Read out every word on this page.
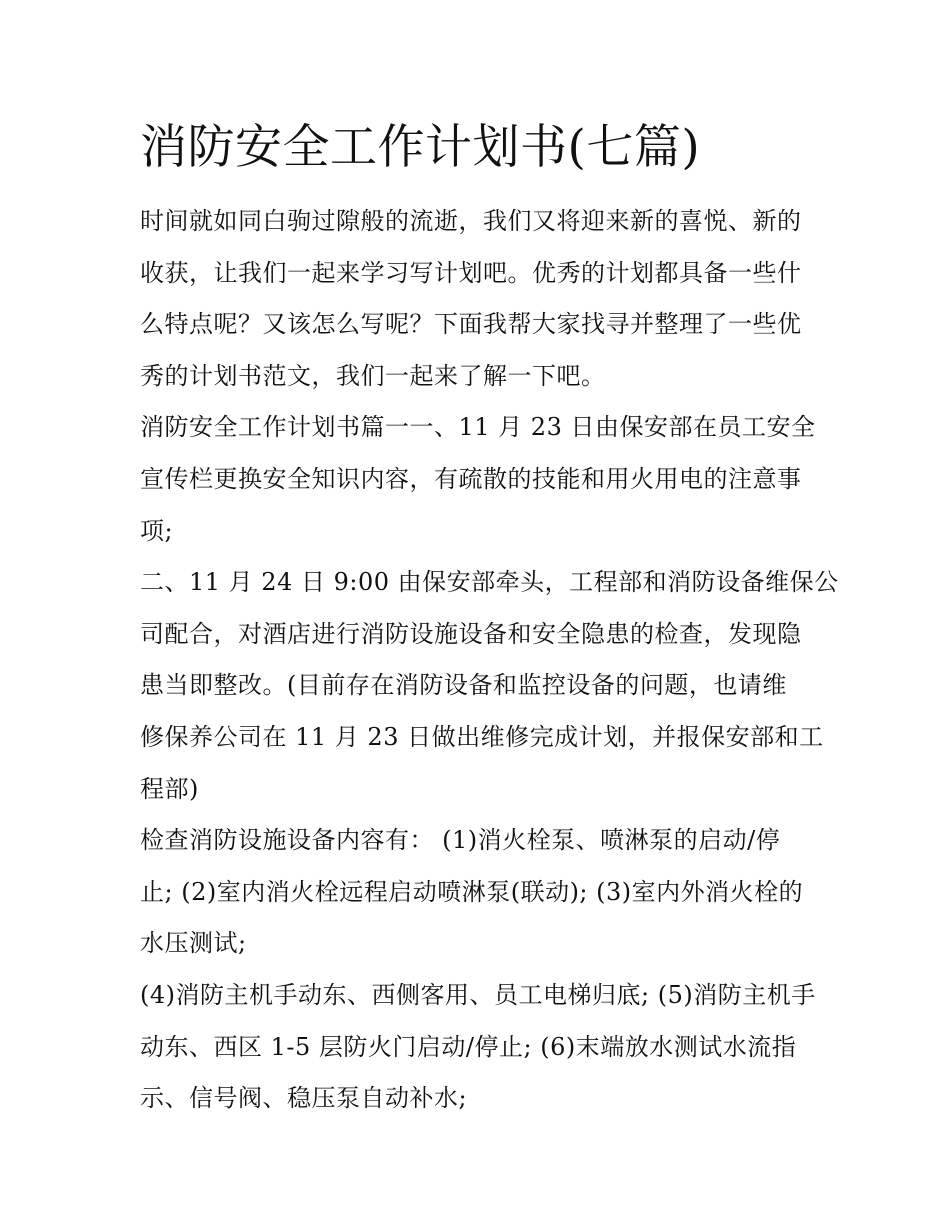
消防安全工作计划书(七篇)

时间就如同白驹过隙般的流逝，我们又将迎来新的喜悦、新的
收获，让我们一起来学习写计划吧。优秀的计划都具备一些什
么特点呢？又该怎么写呢？下面我帮大家找寻并整理了一些优
秀的计划书范文，我们一起来了解一下吧。

消防安全工作计划书篇一一、11 月 23 日由保安部在员工安全
宣传栏更换安全知识内容，有疏散的技能和用火用电的注意事
项;

二、11 月 24 日 9:00 由保安部牵头，工程部和消防设备维保公
司配合，对酒店进行消防设施设备和安全隐患的检查，发现隐
患当即整改。(目前存在消防设备和监控设备的问题，也请维
修保养公司在 11 月 23 日做出维修完成计划，并报保安部和工
程部)

检查消防设施设备内容有： (1)消火栓泵、喷淋泵的启动/停
止; (2)室内消火栓远程启动喷淋泵(联动); (3)室内外消火栓的
水压测试;

(4)消防主机手动东、西侧客用、员工电梯归底; (5)消防主机手
动东、西区 1-5 层防火门启动/停止; (6)末端放水测试水流指
示、信号阀、稳压泵自动补水;
